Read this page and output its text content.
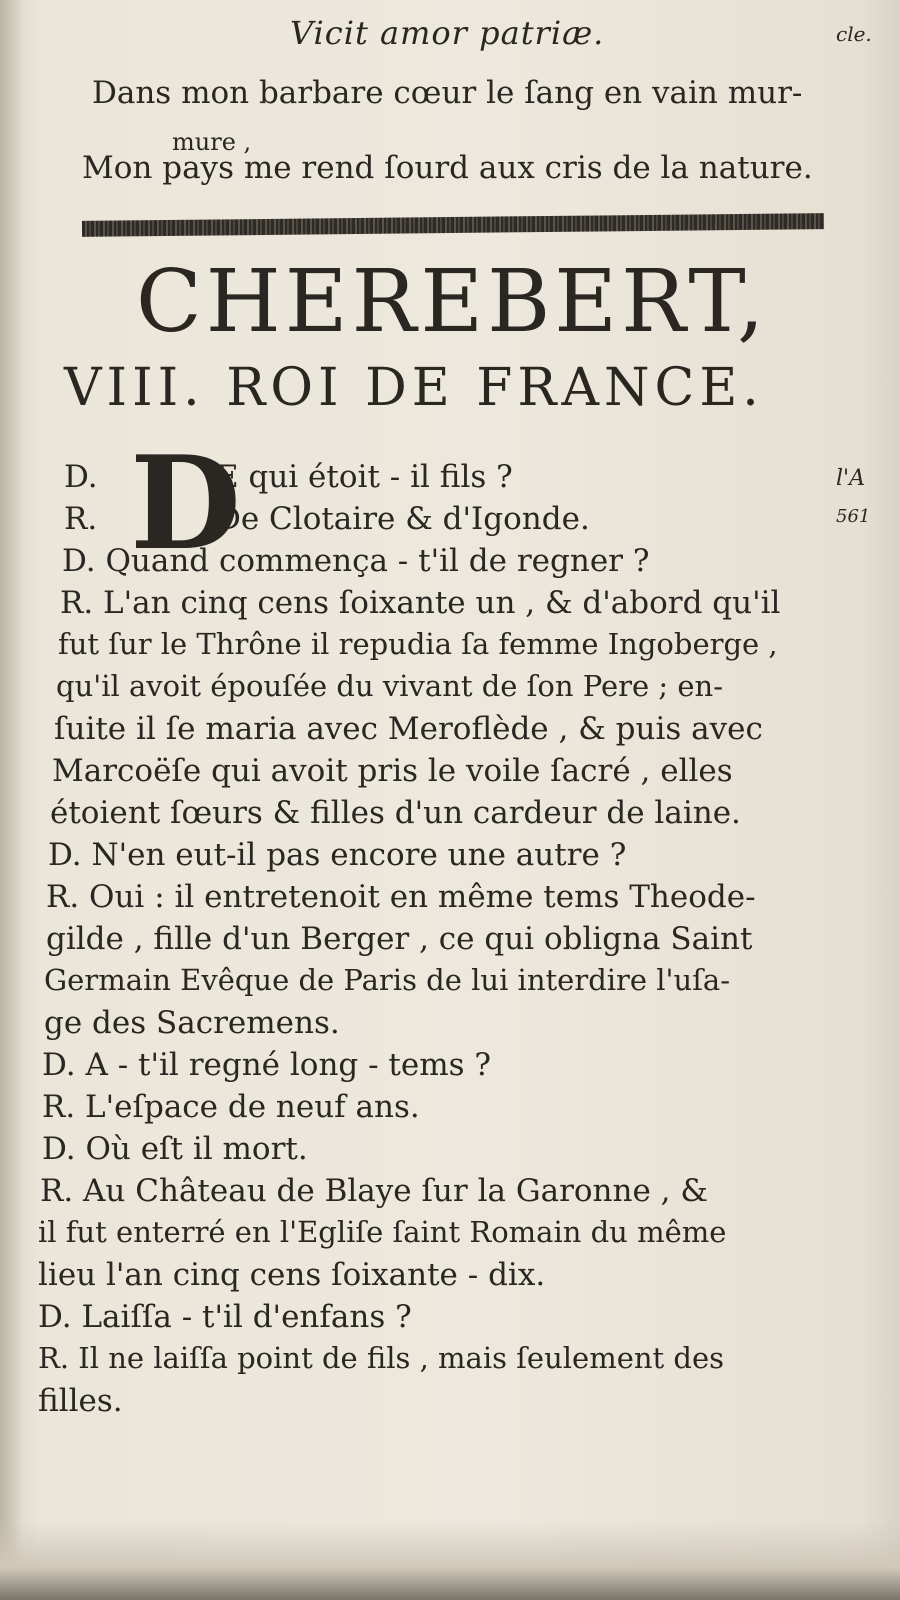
Vicit amor patriæ.	cle.
Dans mon barbare cœur le ſang en vain mur-
mure ,
Mon pays me rend ſourd aux cris de la nature.
CHEREBERT,
VIII. ROI DE FRANCE.
l'A
561
D
D.	E qui étoit - il fils ?
R.	De Clotaire & d'Igonde.
D. Quand commença - t'il de regner ?
R. L'an cinq cens ſoixante un , & d'abord qu'il
fut ſur le Thrône il repudia ſa femme Ingoberge ,
qu'il avoit épouſée du vivant de ſon Pere ; en-
ſuite il ſe maria avec Meroflède , & puis avec
Marcoëſe qui avoit pris le voile ſacré , elles
étoient ſœurs & filles d'un cardeur de laine.
D. N'en eut-il pas encore une autre ?
R. Oui : il entretenoit en même tems Theode-
gilde , fille d'un Berger , ce qui obligna Saint
Germain Evêque de Paris de lui interdire l'uſa-
ge des Sacremens.
D. A - t'il regné long - tems ?
R. L'eſpace de neuf ans.
D. Où eſt il mort.
R. Au Château de Blaye ſur la Garonne , &
il fut enterré en l'Egliſe ſaint Romain du même
lieu l'an cinq cens ſoixante - dix.
D. Laiſſa - t'il d'enfans ?
R. Il ne laiſſa point de fils , mais ſeulement des
filles.
